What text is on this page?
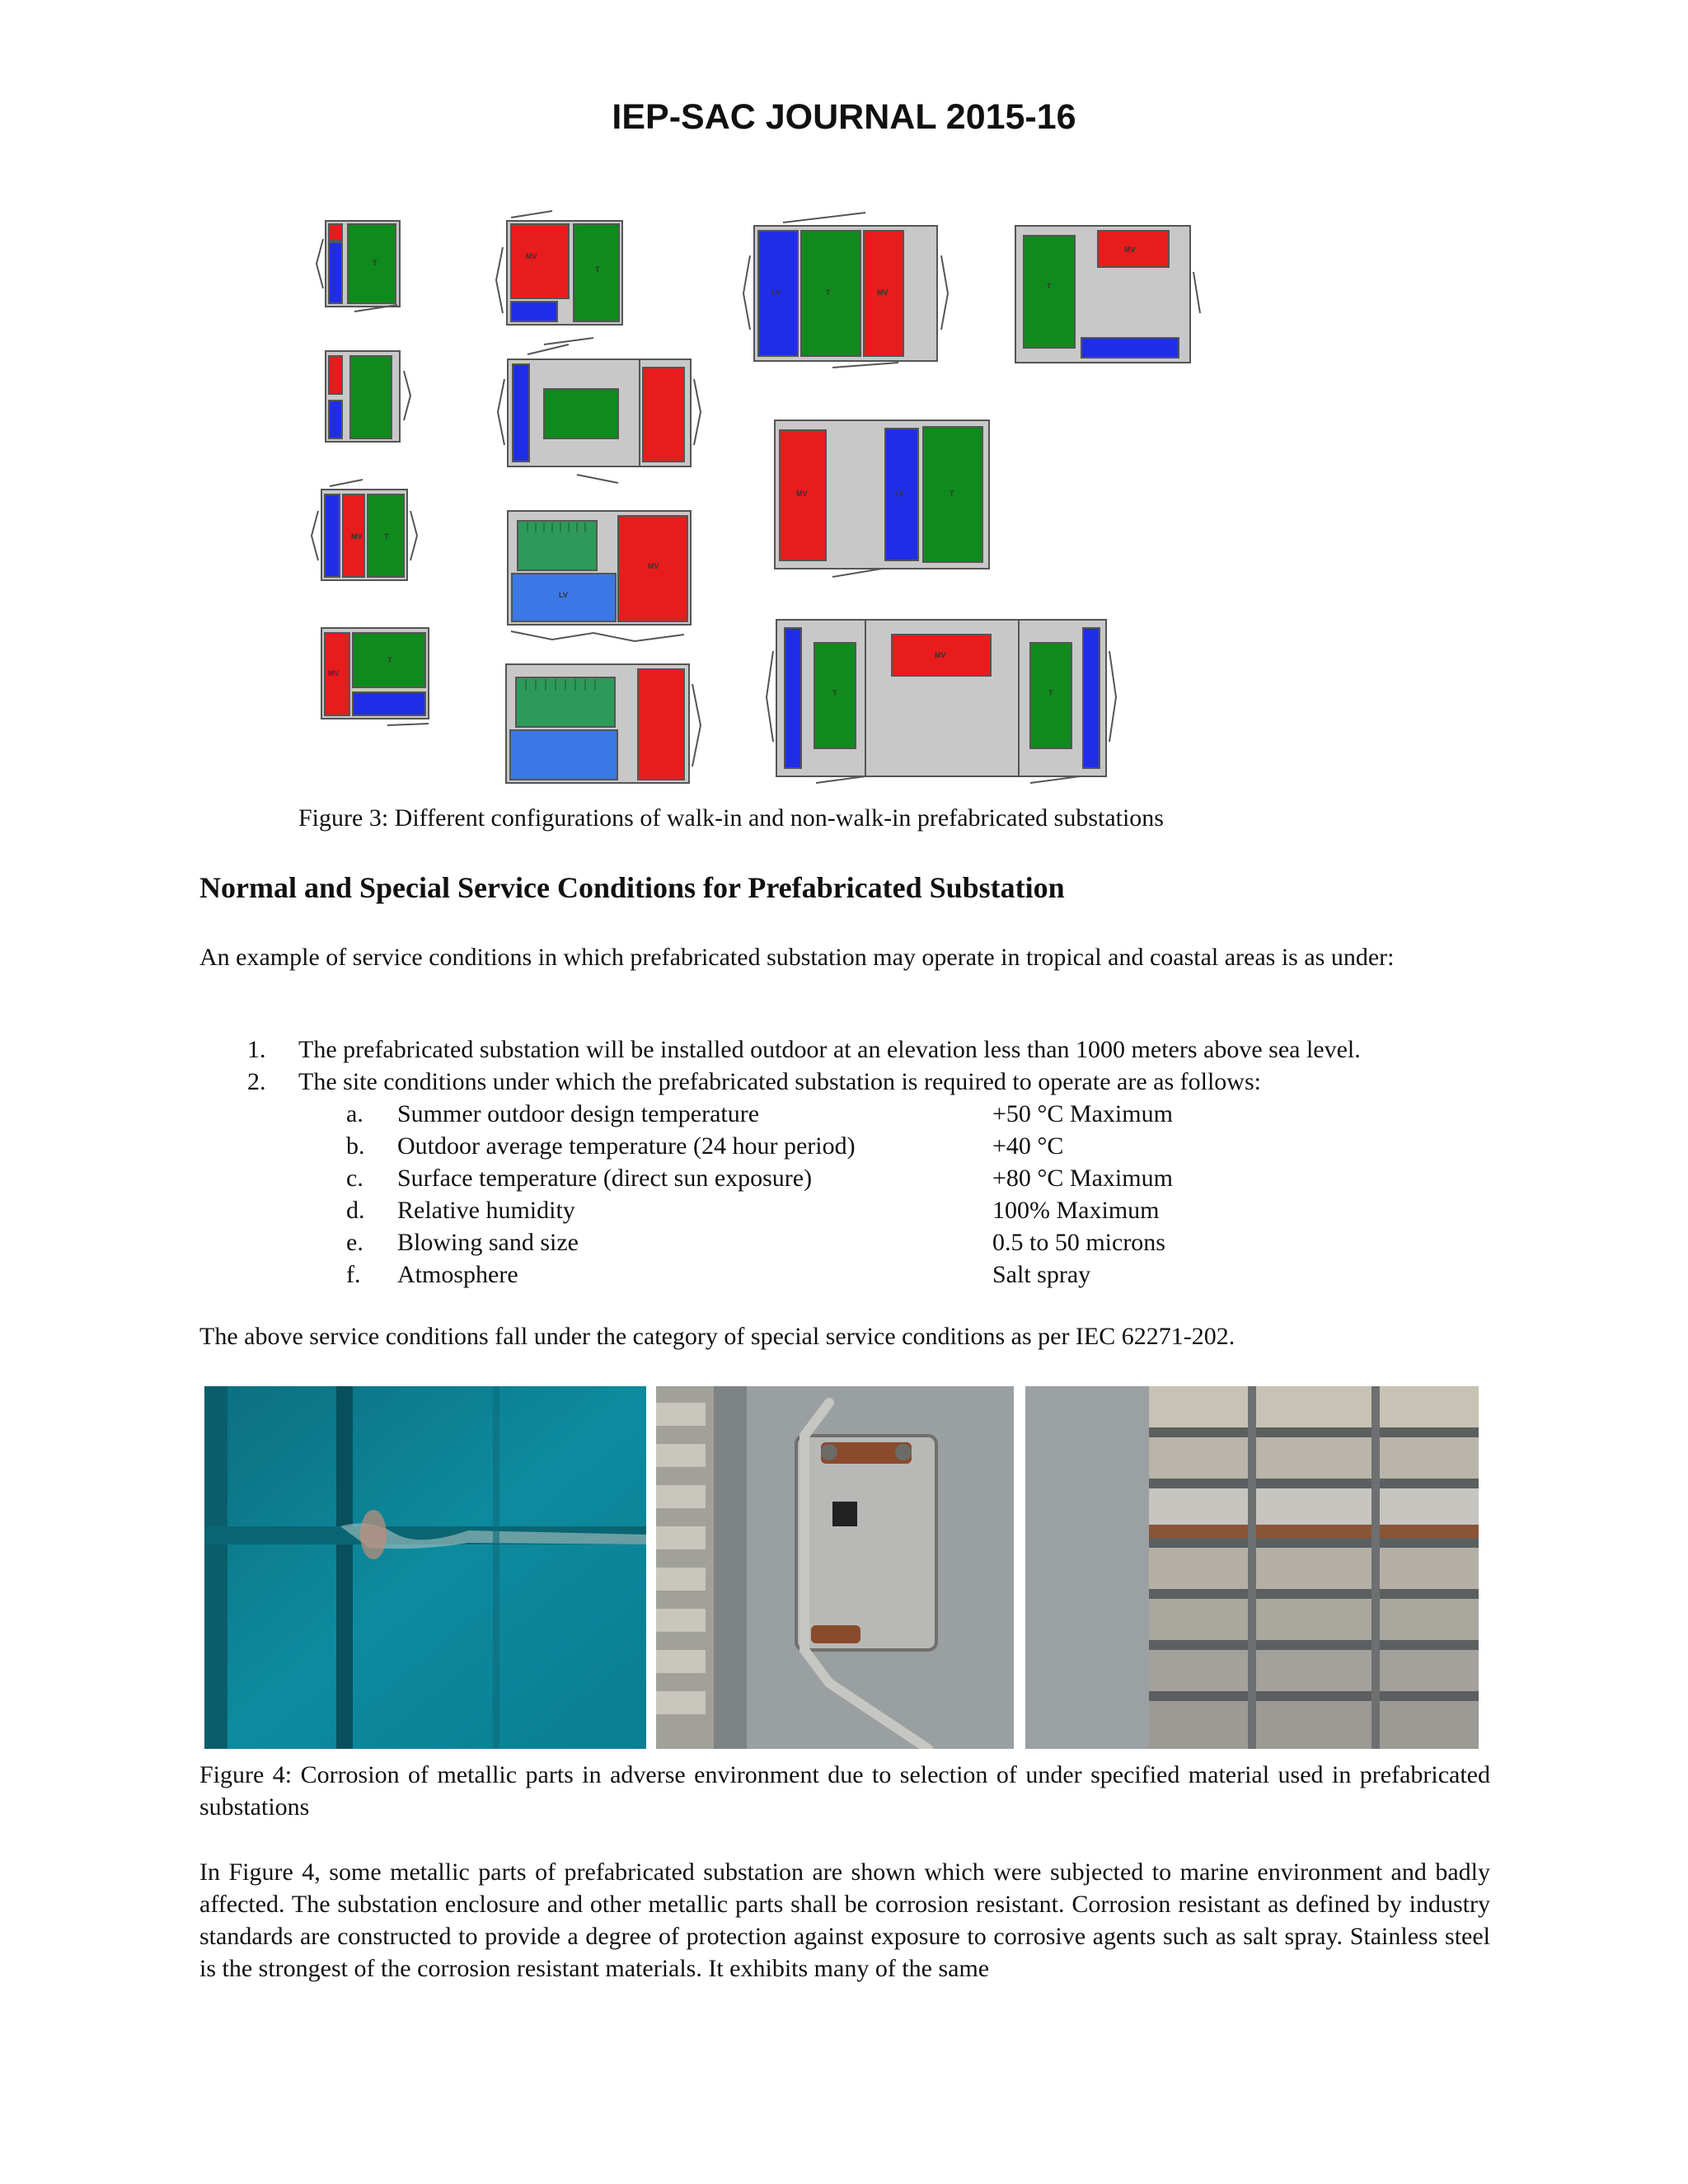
IEP-SAC JOURNAL 2015-16
T
MV
T
LV	T	MV
T
MV
MV	T
MV	LV	T
MV
T
LV
MV
MV
T	T
Figure 3: Different configurations of walk-in and non-walk-in prefabricated substations
Normal and Special Service Conditions for Prefabricated Substation
An example of service conditions in which prefabricated substation may operate in tropical and coastal areas is as under:
1. The prefabricated substation will be installed outdoor at an elevation less than 1000 meters above sea level.
2. The site conditions under which the prefabricated substation is required to operate are as follows:
a. Summer outdoor design temperature	+50 °C Maximum
b. Outdoor average temperature (24 hour period)	+40 °C
c. Surface temperature (direct sun exposure)	+80 °C Maximum
d. Relative humidity	100% Maximum
e. Blowing sand size	0.5 to 50 microns
f. Atmosphere	Salt spray
The above service conditions fall under the category of special service conditions as per IEC 62271-202.
Figure 4: Corrosion of metallic parts in adverse environment due to selection of under specified material used in prefabricated substations
In Figure 4, some metallic parts of prefabricated substation are shown which were subjected to marine environment and badly affected. The substation enclosure and other metallic parts shall be corrosion resistant. Corrosion resistant as defined by industry standards are constructed to provide a degree of protection against exposure to corrosive agents such as salt spray. Stainless steel is the strongest of the corrosion resistant materials. It exhibits many of the same
